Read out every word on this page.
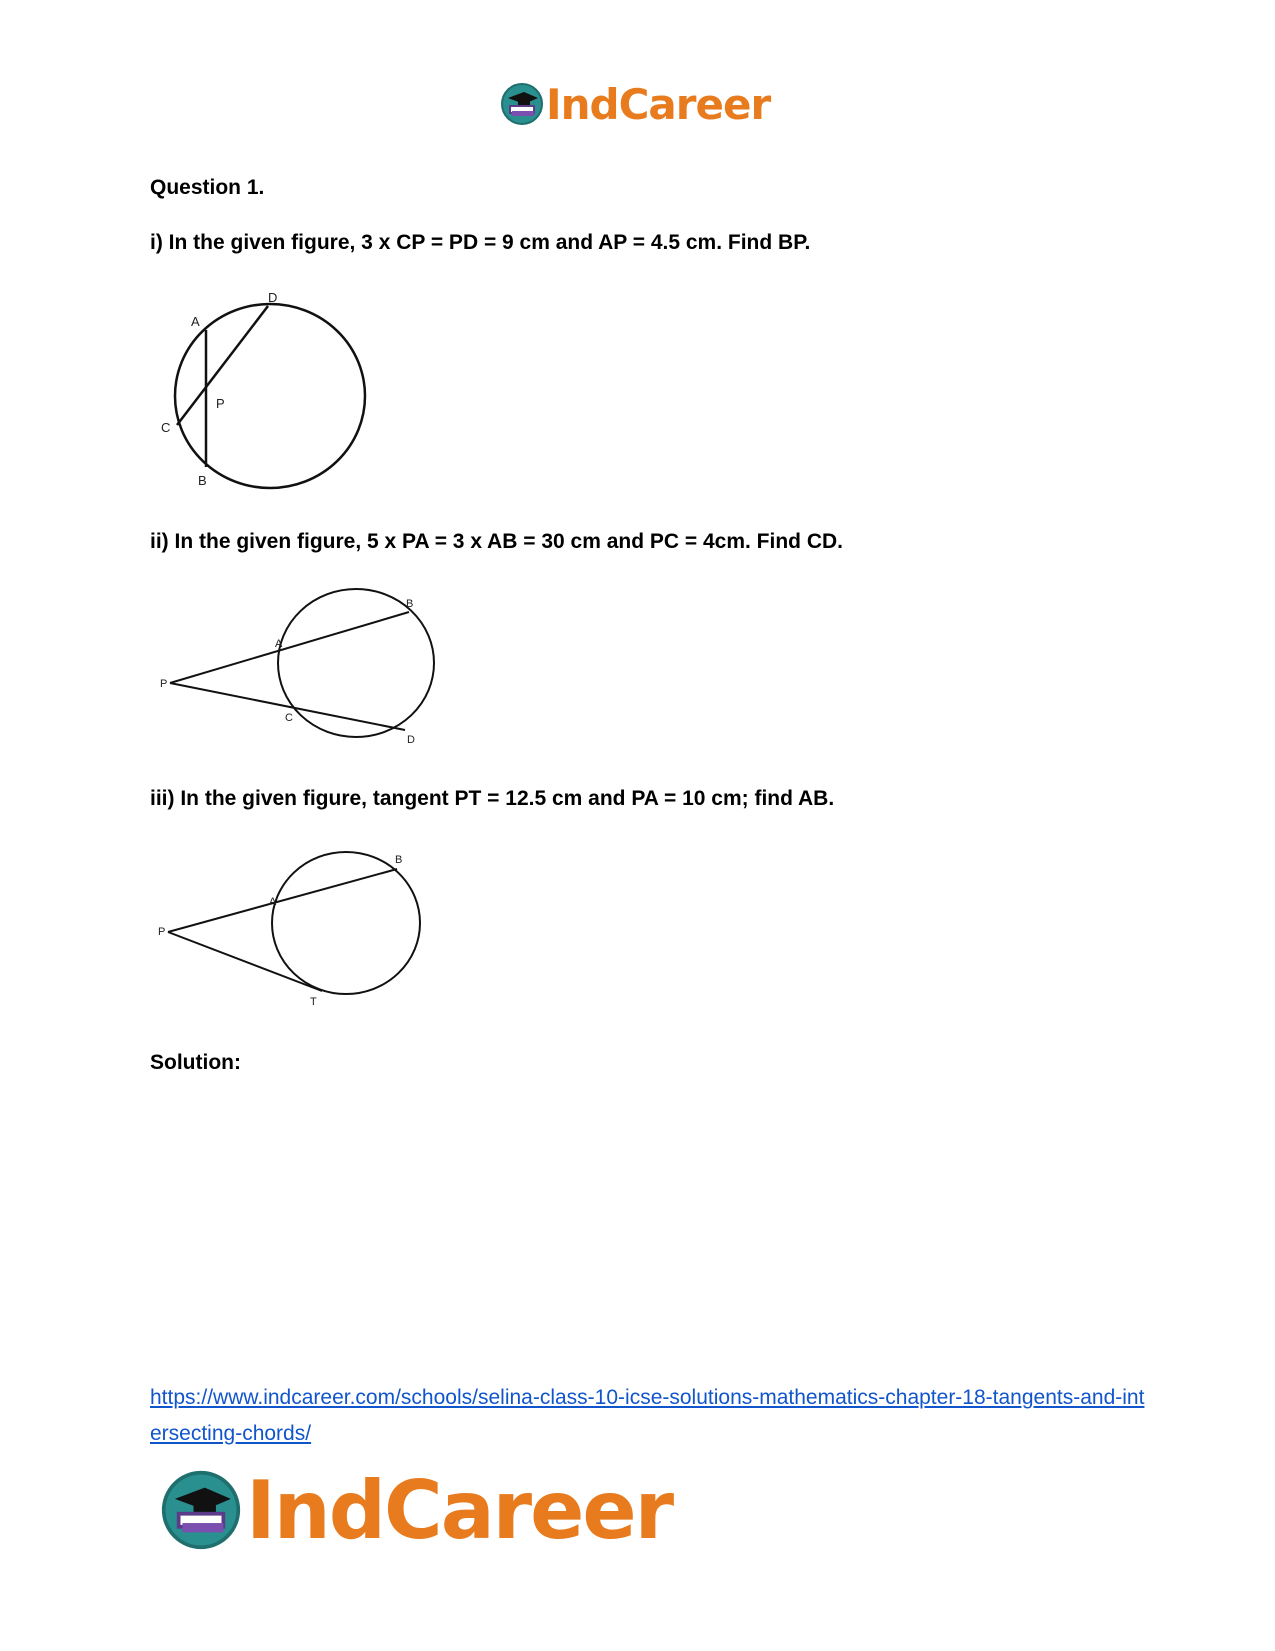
IndCareer
Question 1.
i) In the given figure, 3 x CP = PD = 9 cm and AP = 4.5 cm. Find BP.
A
D
P
C
B
ii) In the given figure, 5 x PA = 3 x AB = 30 cm and PC = 4cm. Find CD.
B
A
P
C
D
iii) In the given figure, tangent PT = 12.5 cm and PA = 10 cm; find AB.
B
A
P
T
Solution:
https://www.indcareer.com/schools/selina-class-10-icse-solutions-mathematics-chapter-18-tangents-and-intersecting-chords/
IndCareer
